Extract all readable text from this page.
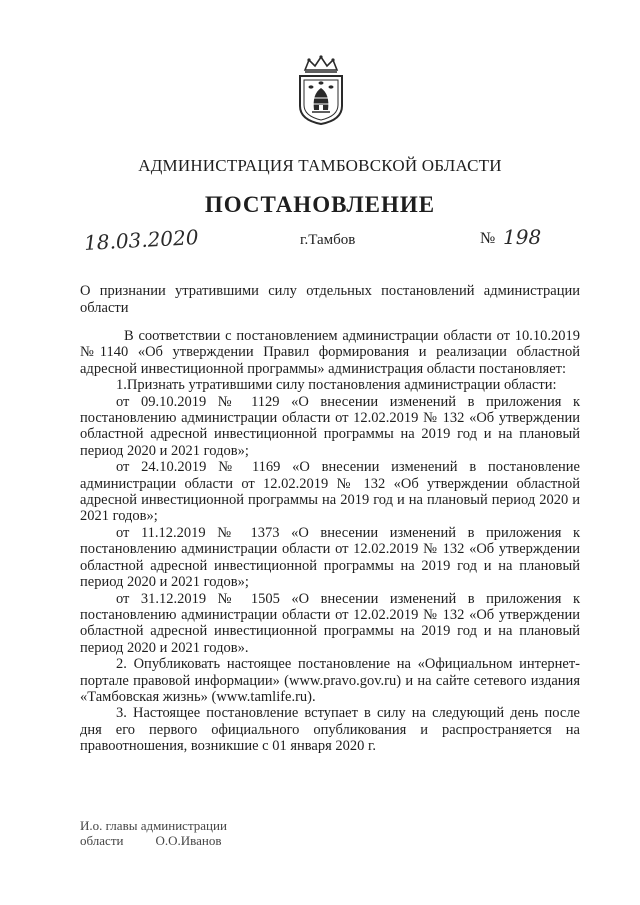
АДМИНИСТРАЦИЯ ТАМБОВСКОЙ ОБЛАСТИ
ПОСТАНОВЛЕНИЕ
18.03.2020	г.Тамбов	№ 198
О признании утратившими силу отдельных постановлений администрации области

В соответствии с постановлением администрации области от 10.10.2019 №1140 «Об утверждении Правил формирования и реализации областной адресной инвестиционной программы» администрация области постановляет:

1.Признать утратившими силу постановления администрации области:

от 09.10.2019 № 1129 «О внесении изменений в приложения к постановлению администрации области от 12.02.2019 № 132 «Об утверждении областной адресной инвестиционной программы на 2019 год и на плановый период 2020 и 2021 годов»;

от 24.10.2019 № 1169 «О внесении изменений в постановление администрации области от 12.02.2019 № 132 «Об утверждении областной адресной инвестиционной программы на 2019 год и на плановый период 2020 и 2021 годов»;

от 11.12.2019 № 1373 «О внесении изменений в приложения к постановлению администрации области от 12.02.2019 № 132 «Об утверждении областной адресной инвестиционной программы на 2019 год и на плановый период 2020 и 2021 годов»;

от 31.12.2019 № 1505 «О внесении изменений в приложения к постановлению администрации области от 12.02.2019 № 132 «Об утверждении областной адресной инвестиционной программы на 2019 год и на плановый период 2020 и 2021 годов».

2. Опубликовать настоящее постановление на «Официальном интернет-портале правовой информации» (www.pravo.gov.ru) и на сайте сетевого издания «Тамбовская жизнь» (www.tamlife.ru).

3. Настоящее постановление вступает в силу на следующий день после дня его первого официального опубликования и распространяется на правоотношения, возникшие с 01 января 2020 г.

И.о. главы администрации
области О.О.Иванов
